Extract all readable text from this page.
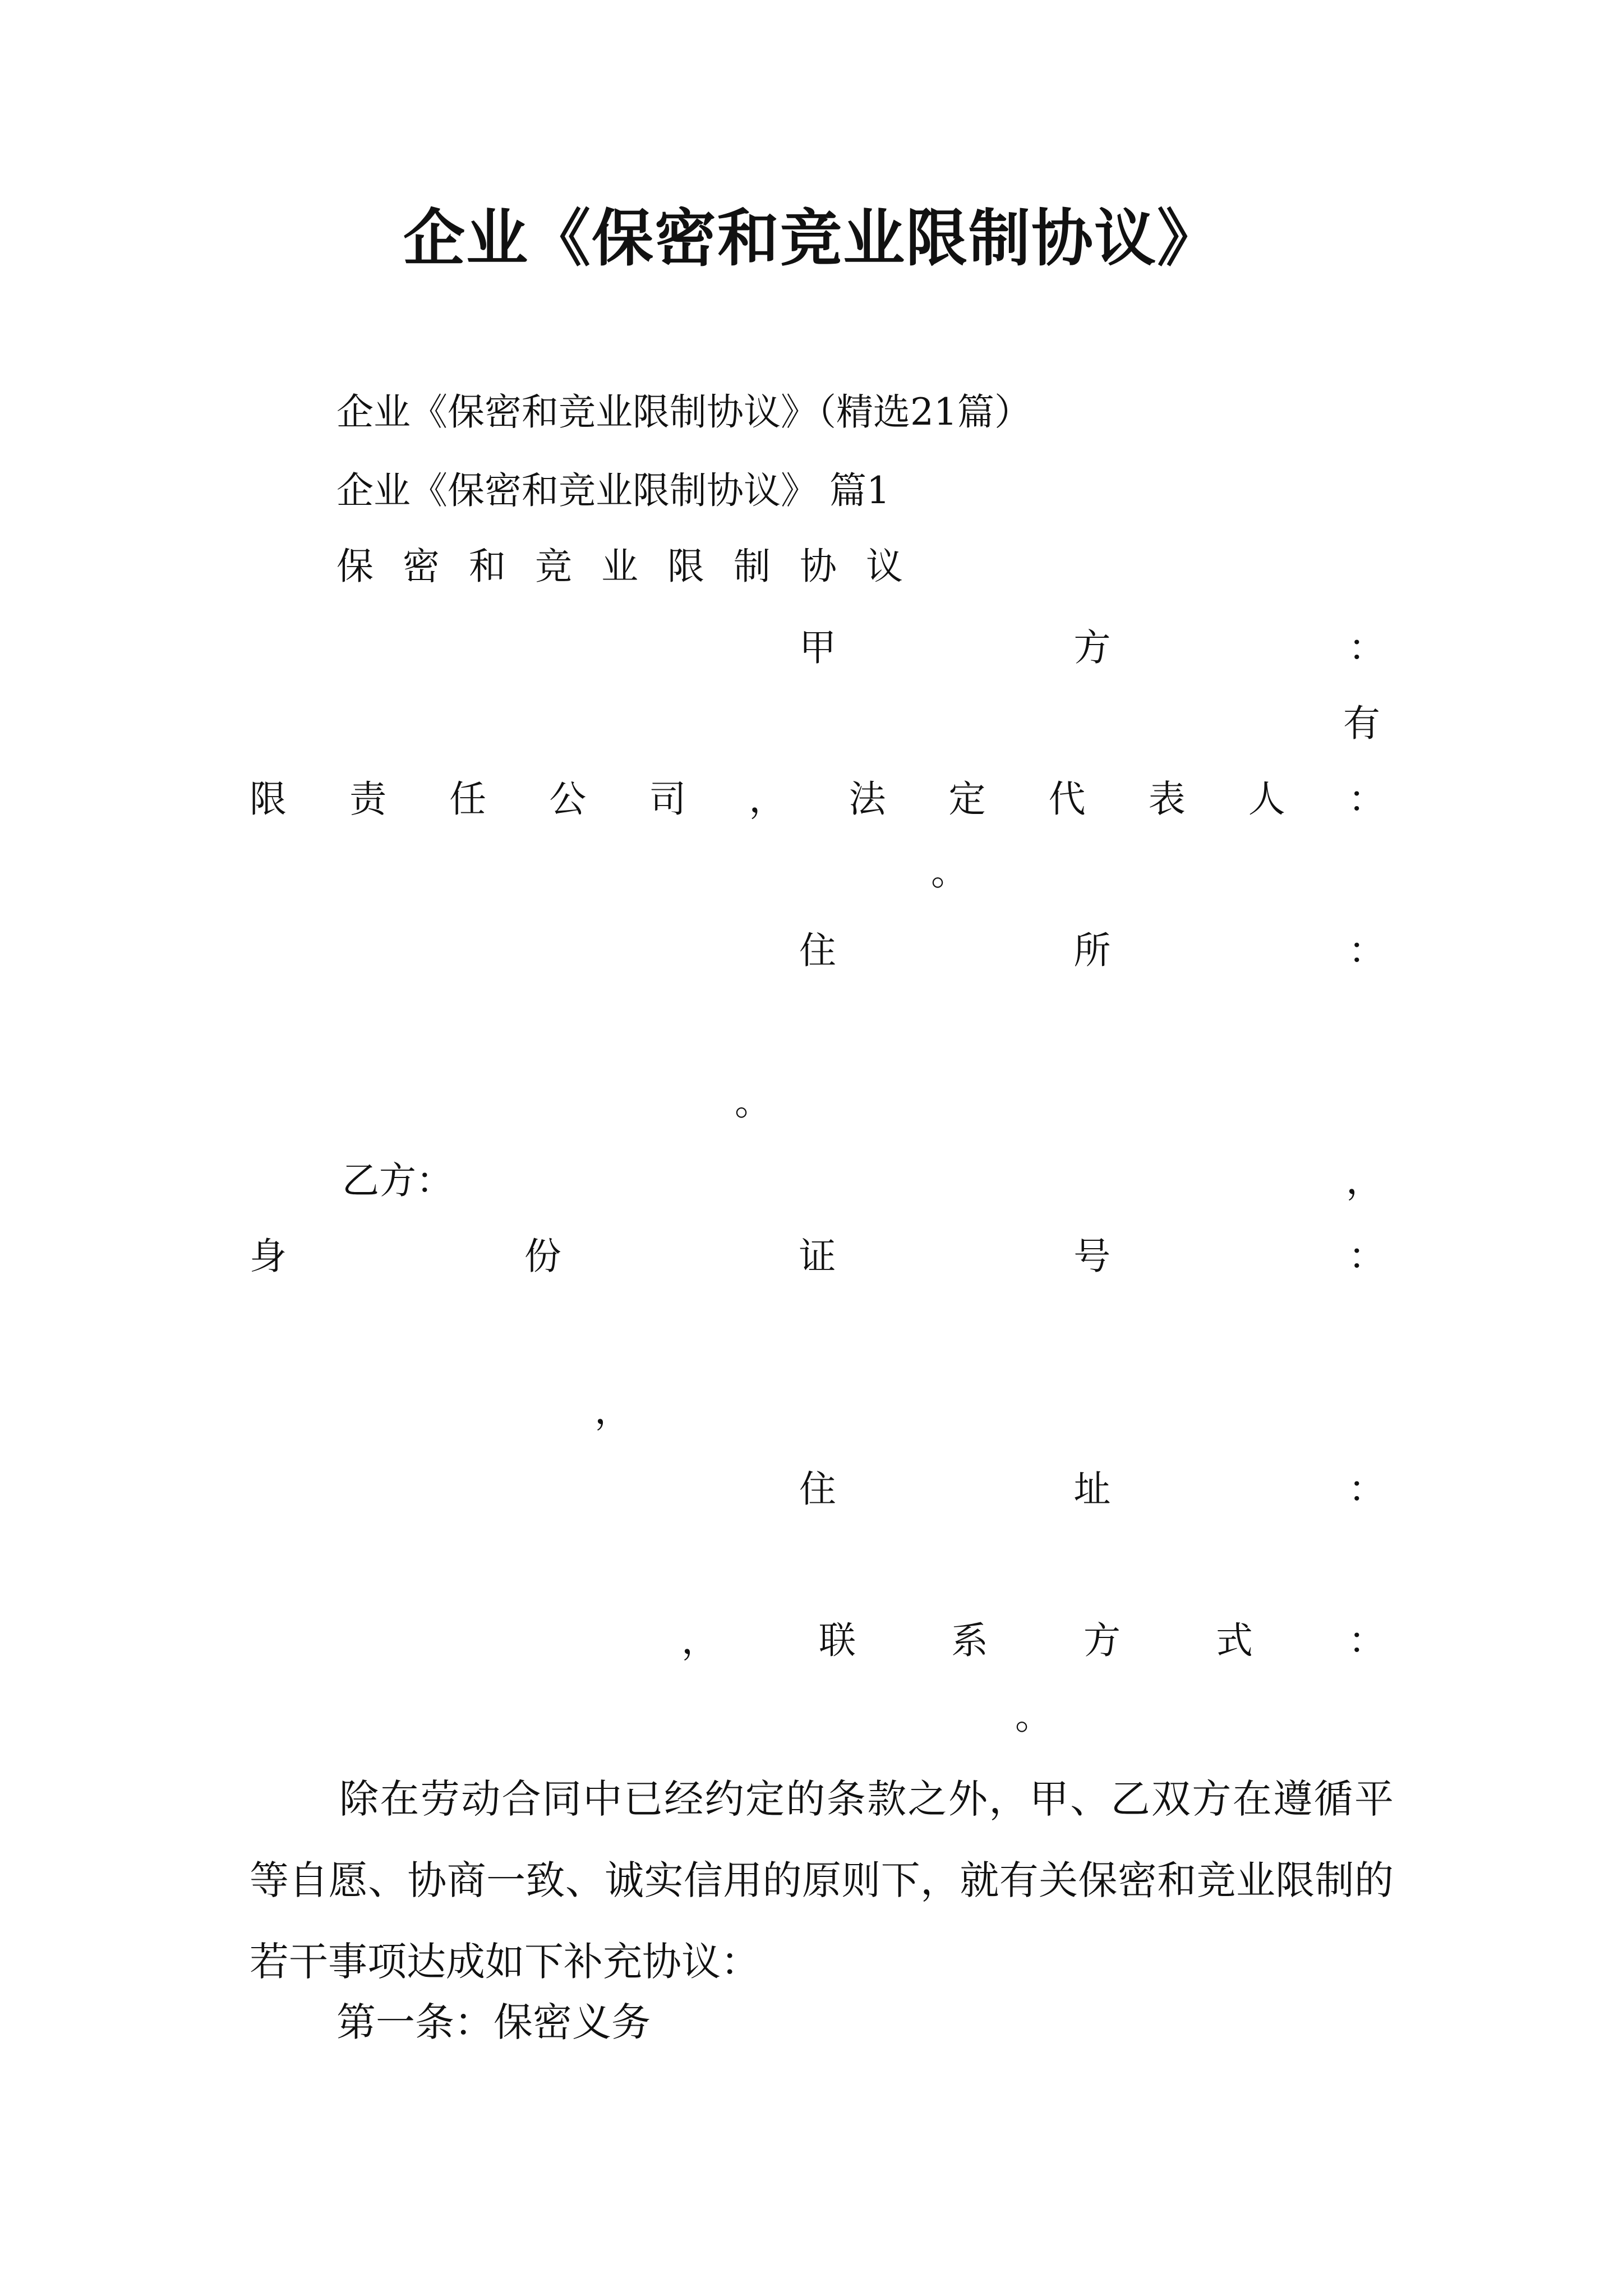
企业《保密和竞业限制协议》
企业《保密和竞业限制协议》（精选21篇）
企业《保密和竞业限制协议》 篇1
保 密 和 竞 业 限 制 协 议
甲	方	：
有
限 责 任 公 司 ， 法 定 代 表 人 ：
。
住	所	：
。
乙方：	，
身	份	证	号	：
，
住	址	：
，	联	系	方	式	：
。
除在劳动合同中已经约定的条款之外，甲、乙双方在遵循平等自愿、协商一致、诚实信用的原则下，就有关保密和竞业限制的若干事项达成如下补充协议：
第一条：保密义务
